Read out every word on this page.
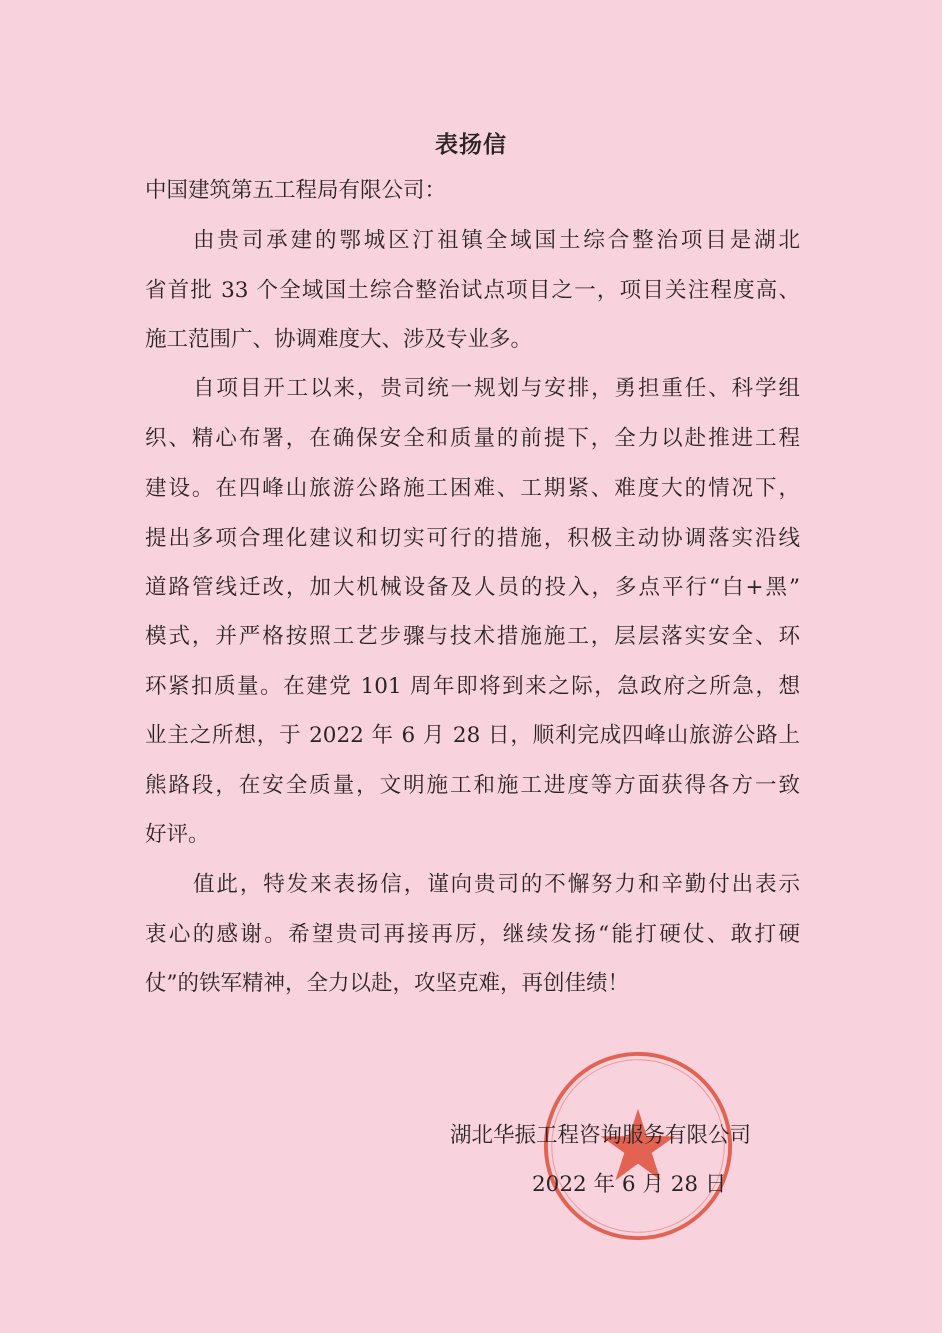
表扬信
中国建筑第五工程局有限公司：
由贵司承建的鄂城区汀祖镇全域国土综合整治项目是湖北
省首批 33 个全域国土综合整治试点项目之一，项目关注程度高、
施工范围广、协调难度大、涉及专业多。
自项目开工以来，贵司统一规划与安排，勇担重任、科学组
织、精心布署，在确保安全和质量的前提下，全力以赴推进工程
建设。在四峰山旅游公路施工困难、工期紧、难度大的情况下，
提出多项合理化建议和切实可行的措施，积极主动协调落实沿线
道路管线迁改，加大机械设备及人员的投入，多点平行“白+黑”
模式，并严格按照工艺步骤与技术措施施工，层层落实安全、环
环紧扣质量。在建党 101 周年即将到来之际，急政府之所急，想
业主之所想，于 2022 年 6 月 28 日，顺利完成四峰山旅游公路上
熊路段，在安全质量，文明施工和施工进度等方面获得各方一致
好评。
值此，特发来表扬信，谨向贵司的不懈努力和辛勤付出表示
衷心的感谢。希望贵司再接再厉，继续发扬“能打硬仗、敢打硬
仗”的铁军精神，全力以赴，攻坚克难，再创佳绩！
湖北华振工程咨询服务有限公司
2022 年 6 月 28 日
